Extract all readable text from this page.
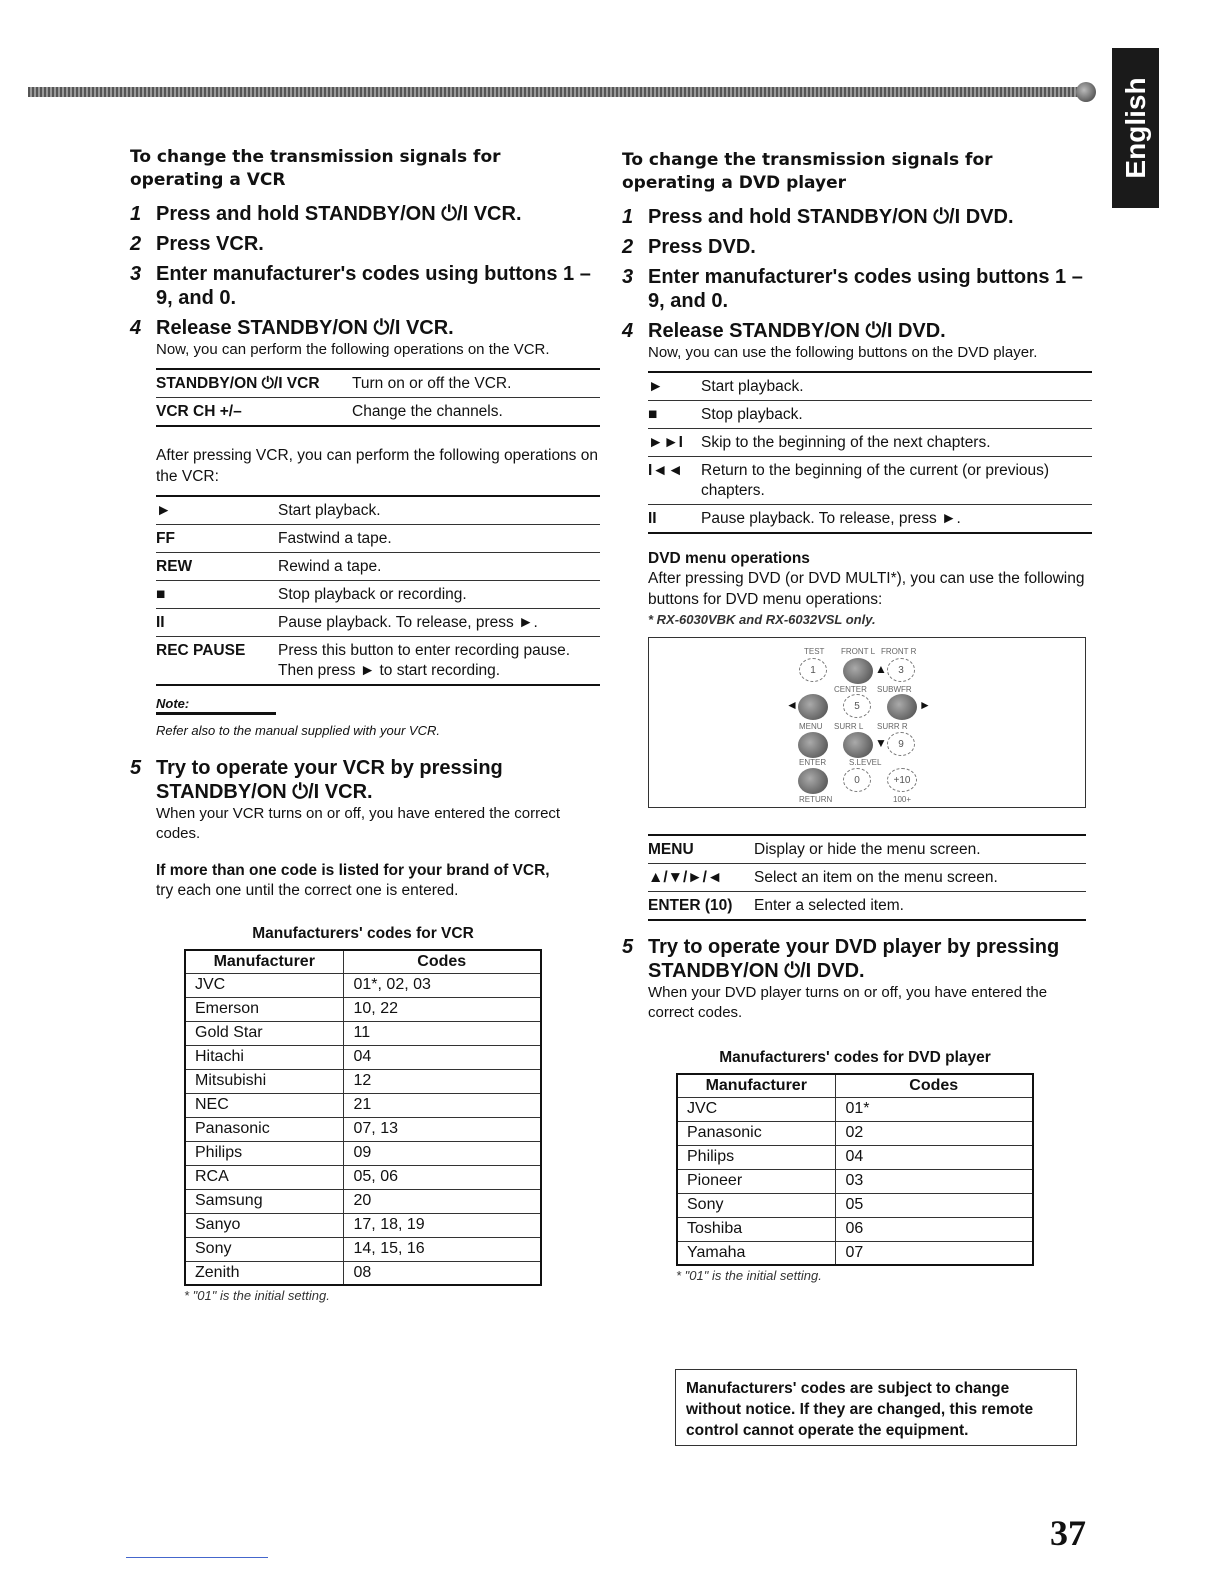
English
To change the transmission signals for operating a VCR
1 Press and hold STANDBY/ON ⏻/I VCR.
2 Press VCR.
3 Enter manufacturer's codes using buttons 1 – 9, and 0.
4 Release STANDBY/ON ⏻/I VCR.
Now, you can perform the following operations on the VCR.
STANDBY/ON ⏻/I VCR	Turn on or off the VCR.
VCR CH +/–	Change the channels.
After pressing VCR, you can perform the following operations on the VCR:
►	Start playback.
FF	Fastwind a tape.
REW	Rewind a tape.
■	Stop playback or recording.
II	Pause playback. To release, press ►.
REC PAUSE	Press this button to enter recording pause.
Then press ► to start recording.
Note:
Refer also to the manual supplied with your VCR.
5 Try to operate your VCR by pressing STANDBY/ON ⏻/I VCR.
When your VCR turns on or off, you have entered the correct codes.
If more than one code is listed for your brand of VCR,
try each one until the correct one is entered.
Manufacturers' codes for VCR
Manufacturer	Codes
JVC	01*, 02, 03
Emerson	10, 22
Gold Star	11
Hitachi	04
Mitsubishi	12
NEC	21
Panasonic	07, 13
Philips	09
RCA	05, 06
Samsung	20
Sanyo	17, 18, 19
Sony	14, 15, 16
Zenith	08
* "01" is the initial setting.
To change the transmission signals for operating a DVD player
1 Press and hold STANDBY/ON ⏻/I DVD.
2 Press DVD.
3 Enter manufacturer's codes using buttons 1 – 9, and 0.
4 Release STANDBY/ON ⏻/I DVD.
Now, you can use the following buttons on the DVD player.
►	Start playback.
■	Stop playback.
►►I	Skip to the beginning of the next chapters.
I◄◄	Return to the beginning of the current (or previous) chapters.
II	Pause playback. To release, press ►.
DVD menu operations
After pressing DVD (or DVD MULTI*), you can use the following buttons for DVD menu operations:
* RX-6030VBK and RX-6032VSL only.
TEST FRONT L FRONT R
1	▲	3
CENTER SUBWFR
◄	5	►
MENU SURR L SURR R
▼	9
ENTER	S.LEVEL
0	+10
RETURN	100+
MENU	Display or hide the menu screen.
▲/▼/►/◄	Select an item on the menu screen.
ENTER (10)	Enter a selected item.
5 Try to operate your DVD player by pressing STANDBY/ON ⏻/I DVD.
When your DVD player turns on or off, you have entered the correct codes.
Manufacturers' codes for DVD player
Manufacturer	Codes
JVC	01*
Panasonic	02
Philips	04
Pioneer	03
Sony	05
Toshiba	06
Yamaha	07
* "01" is the initial setting.
Manufacturers' codes are subject to change without notice. If they are changed, this remote control cannot operate the equipment.
37
